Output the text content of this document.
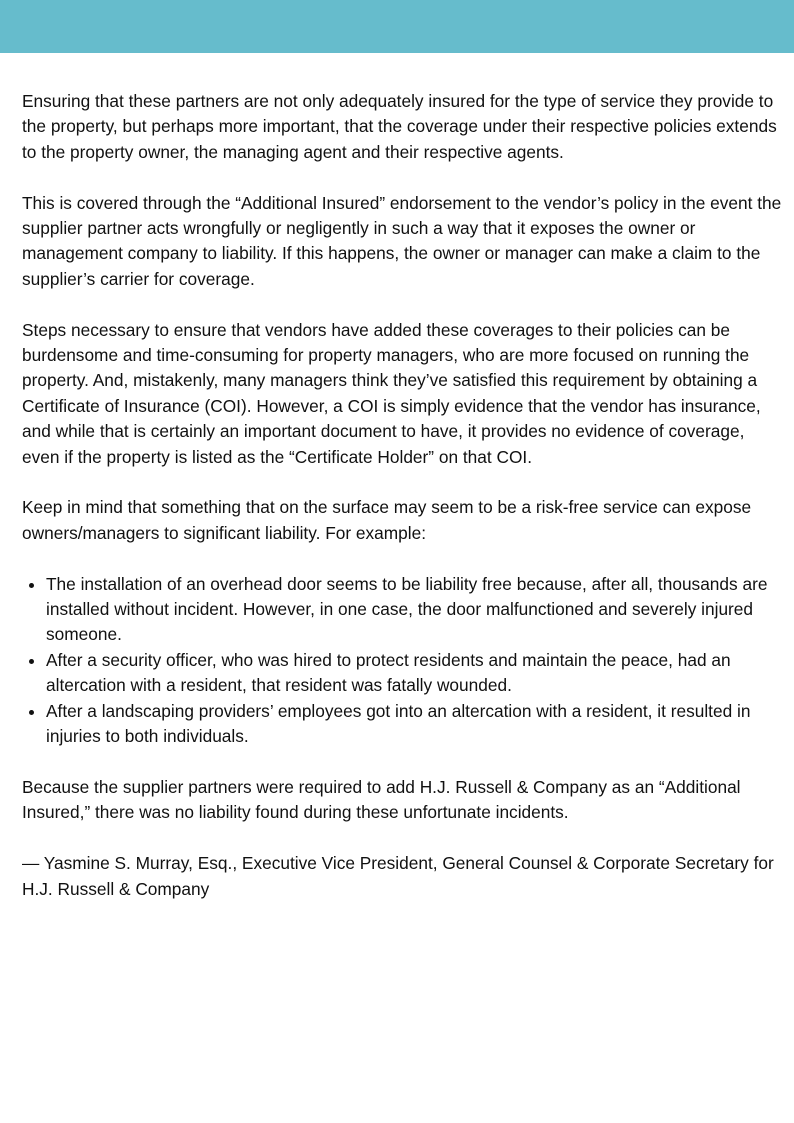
Ensuring that these partners are not only adequately insured for the type of service they provide to the property, but perhaps more important, that the coverage under their respective policies extends to the property owner, the managing agent and their respective agents.

This is covered through the “Additional Insured” endorsement to the vendor’s policy in the event the supplier partner acts wrongfully or negligently in such a way that it exposes the owner or management company to liability. If this happens, the owner or manager can make a claim to the supplier’s carrier for coverage.

Steps necessary to ensure that vendors have added these coverages to their policies can be burdensome and time-consuming for property managers, who are more focused on running the property. And, mistakenly, many managers think they’ve satisfied this requirement by obtaining a Certificate of Insurance (COI). However, a COI is simply evidence that the vendor has insurance, and while that is certainly an important document to have, it provides no evidence of coverage, even if the property is listed as the “Certificate Holder” on that COI.

Keep in mind that something that on the surface may seem to be a risk-free service can expose owners/managers to significant liability. For example:

• The installation of an overhead door seems to be liability free because, after all, thousands are installed without incident. However, in one case, the door malfunctioned and severely injured someone.
• After a security officer, who was hired to protect residents and maintain the peace, had an altercation with a resident, that resident was fatally wounded.
• After a landscaping providers’ employees got into an altercation with a resident, it resulted in injuries to both individuals.

Because the supplier partners were required to add H.J. Russell & Company as an “Additional Insured,” there was no liability found during these unfortunate incidents.

— Yasmine S. Murray, Esq., Executive Vice President, General Counsel & Corporate Secretary for H.J. Russell & Company
